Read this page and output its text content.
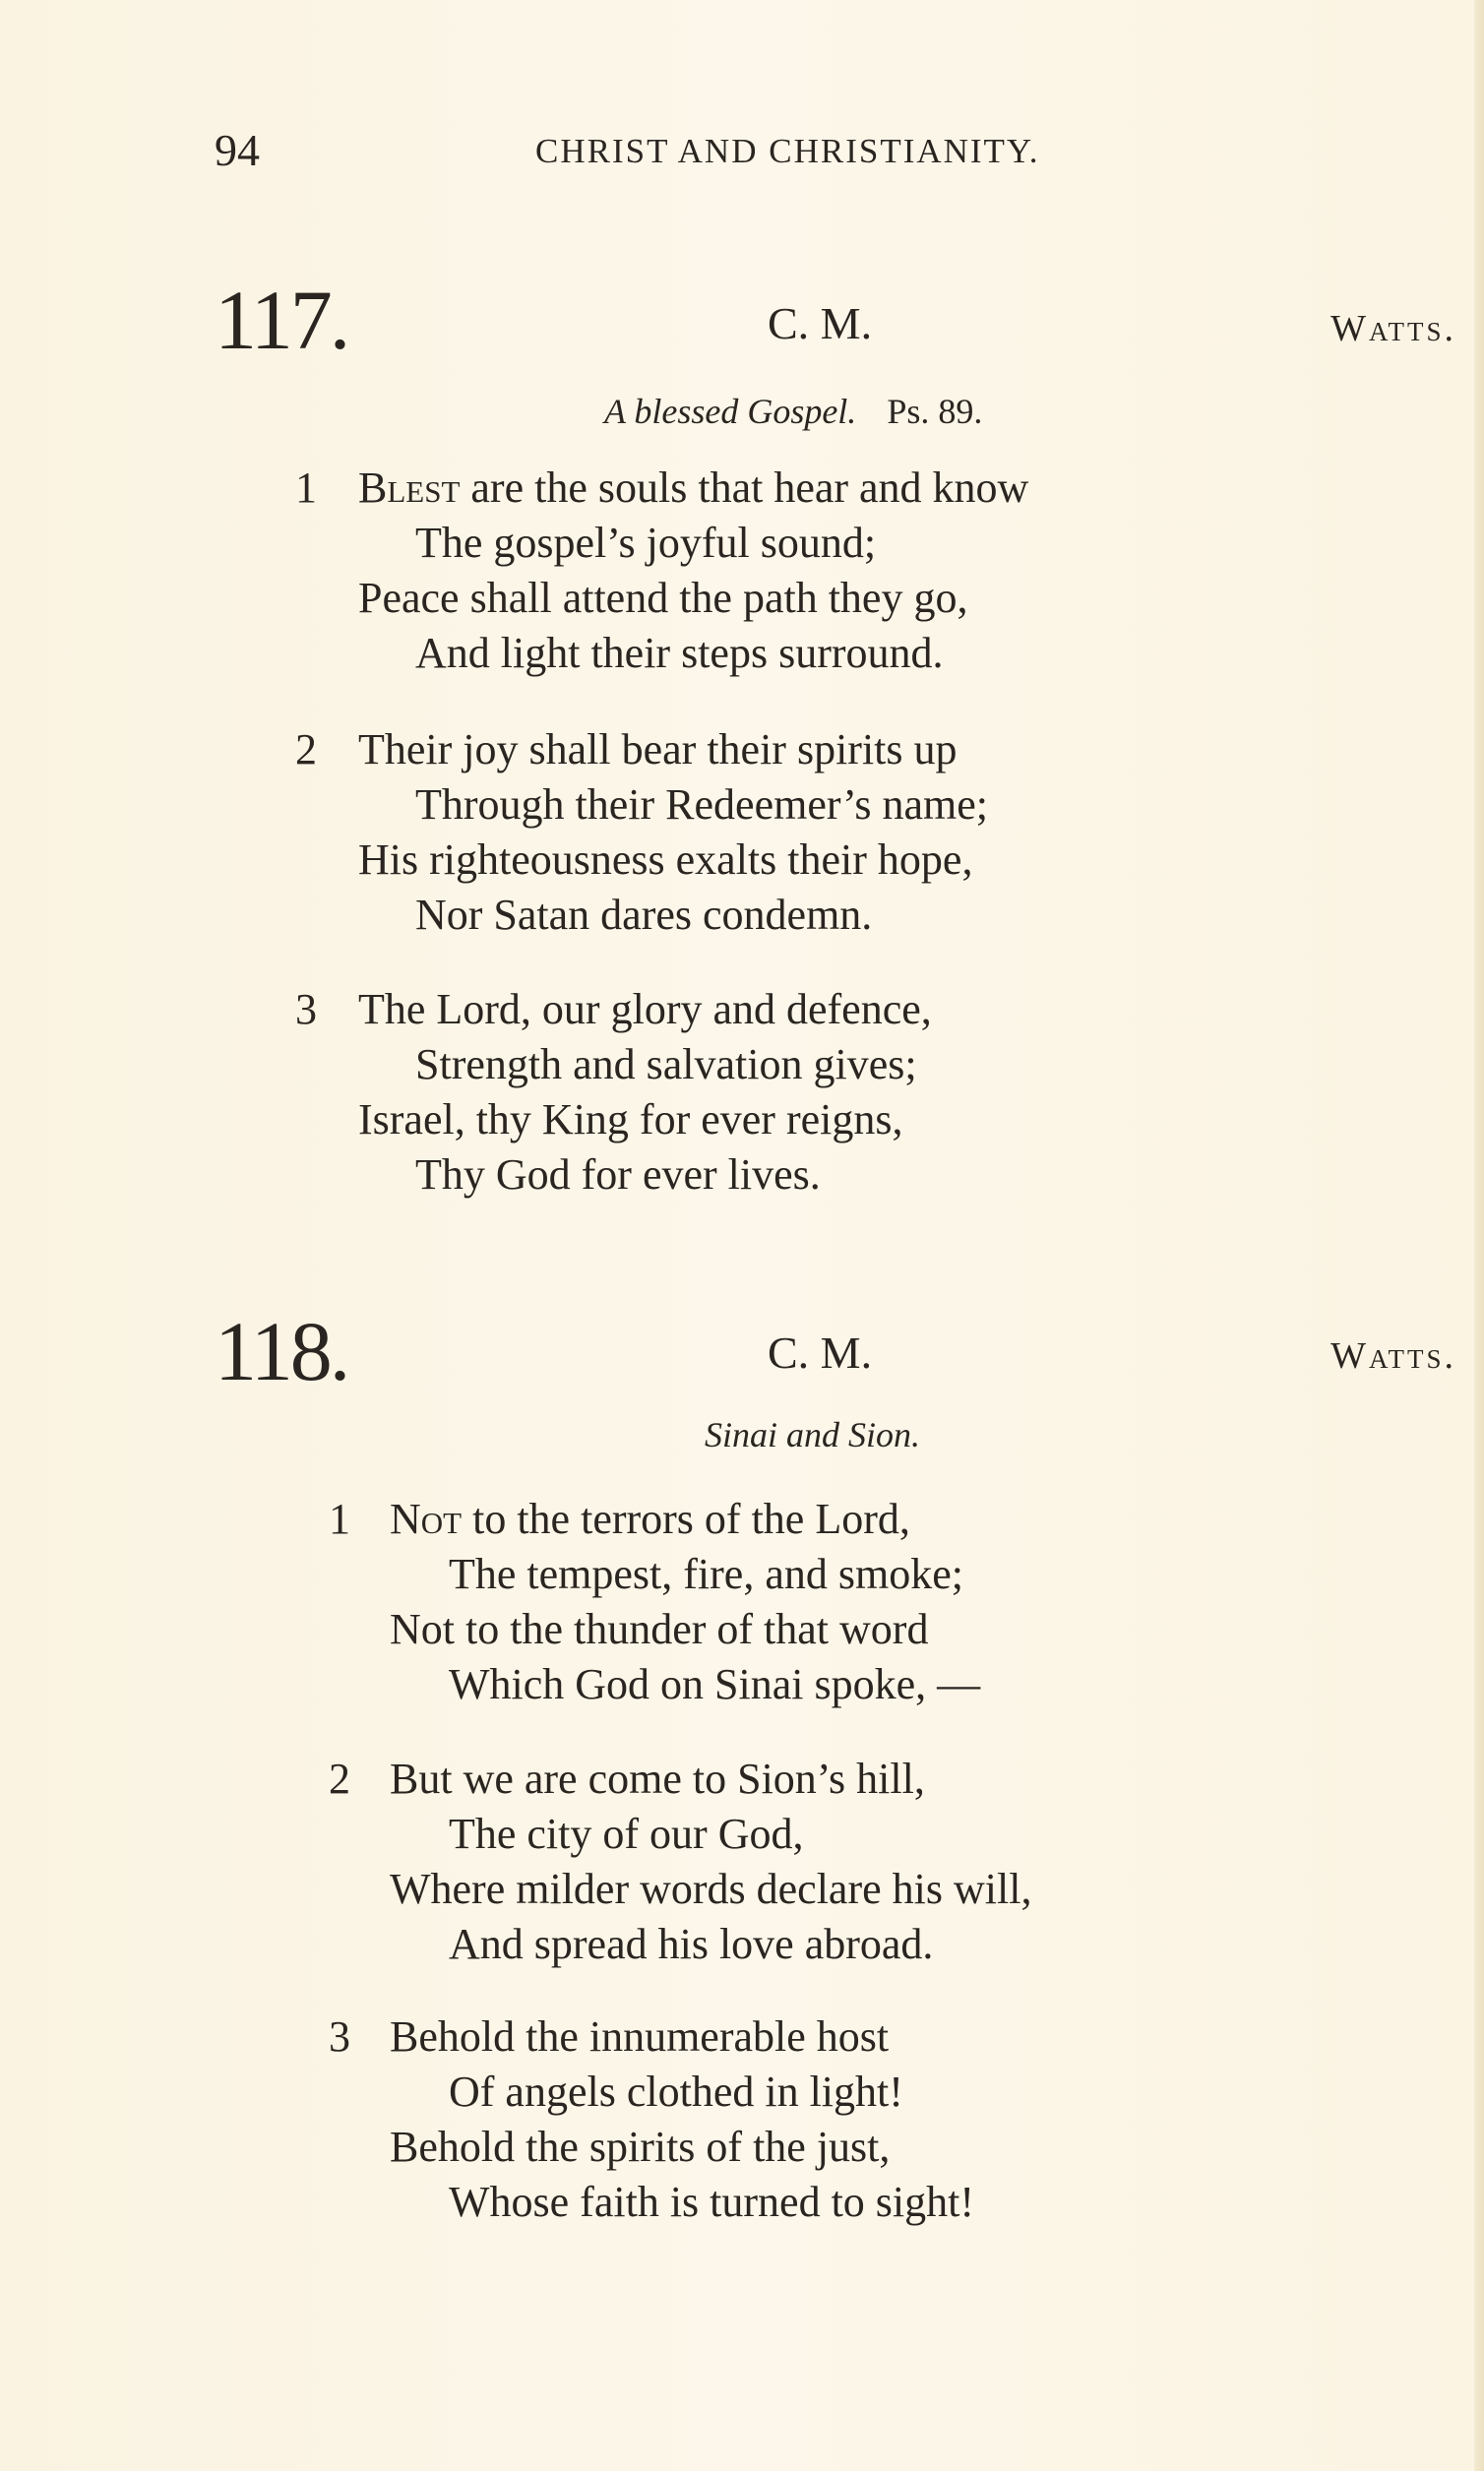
94	CHRIST AND CHRISTIANITY.
117.	C. M.	Watts.
A blessed Gospel. Ps. 89.
1 Blest are the souls that hear and know
The gospel’s joyful sound;
Peace shall attend the path they go,
And light their steps surround.
2 Their joy shall bear their spirits up
Through their Redeemer’s name;
His righteousness exalts their hope,
Nor Satan dares condemn.
3 The Lord, our glory and defence,
Strength and salvation gives;
Israel, thy King for ever reigns,
Thy God for ever lives.
118.	C. M.	Watts.
Sinai and Sion.
1 Not to the terrors of the Lord,
The tempest, fire, and smoke;
Not to the thunder of that word
Which God on Sinai spoke, —
2 But we are come to Sion’s hill,
The city of our God,
Where milder words declare his will,
And spread his love abroad.
3 Behold the innumerable host
Of angels clothed in light!
Behold the spirits of the just,
Whose faith is turned to sight!
